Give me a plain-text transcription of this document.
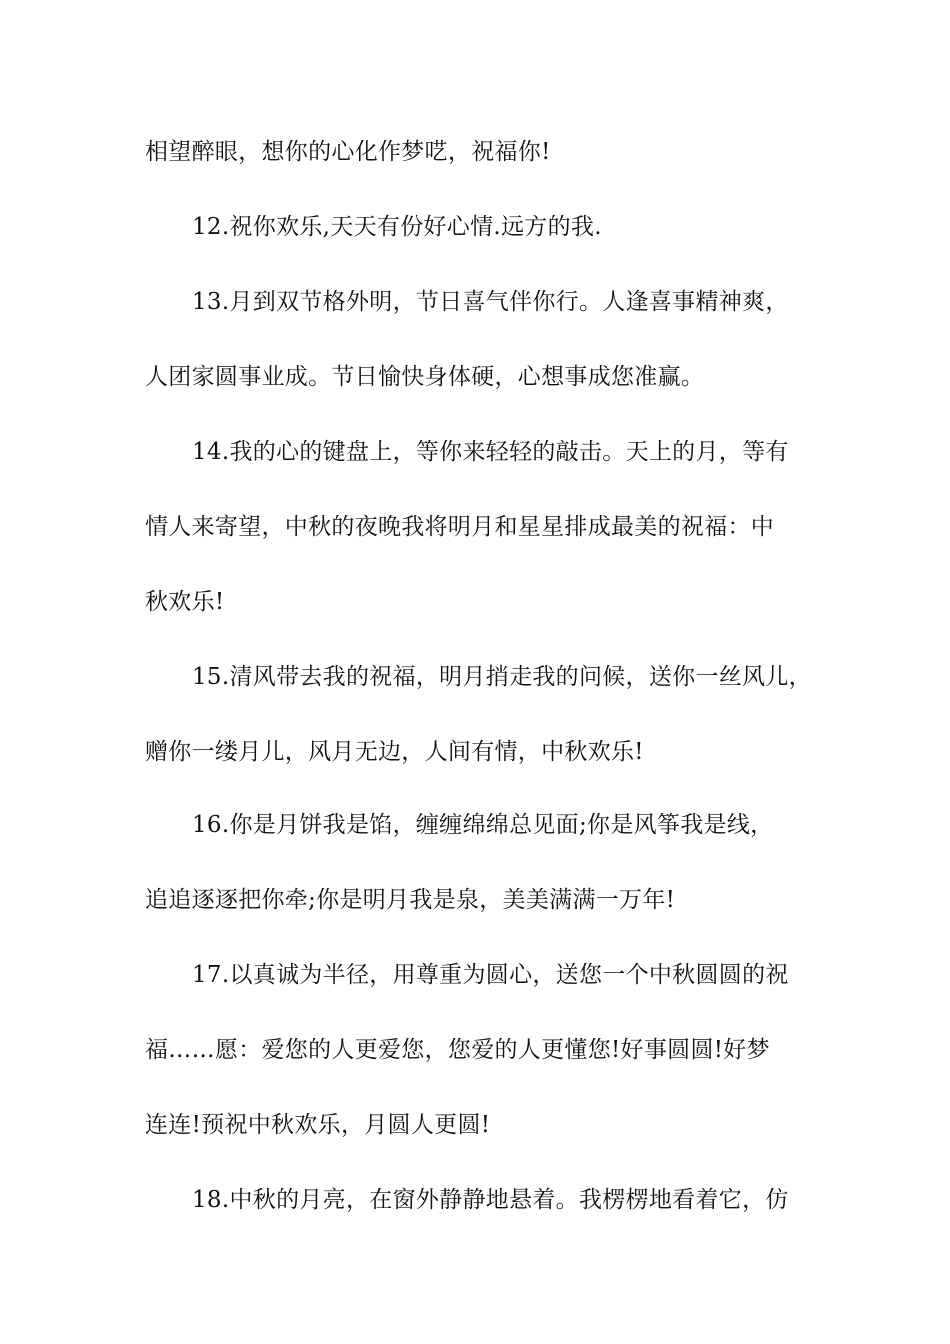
相望醉眼，想你的心化作梦呓，祝福你!
12.祝你欢乐,天天有份好心情.远方的我.
13.月到双节格外明，节日喜气伴你行。人逢喜事精神爽，
人团家圆事业成。节日愉快身体硬，心想事成您准赢。
14.我的心的键盘上，等你来轻轻的敲击。天上的月，等有
情人来寄望，中秋的夜晚我将明月和星星排成最美的祝福：中
秋欢乐!
15.清风带去我的祝福，明月捎走我的问候，送你一丝风儿，
赠你一缕月儿，风月无边，人间有情，中秋欢乐!
16.你是月饼我是馅，缠缠绵绵总见面;你是风筝我是线，
追追逐逐把你牵;你是明月我是泉，美美满满一万年!
17.以真诚为半径，用尊重为圆心，送您一个中秋圆圆的祝
福……愿：爱您的人更爱您，您爱的人更懂您!好事圆圆!好梦
连连!预祝中秋欢乐，月圆人更圆!
18.中秋的月亮，在窗外静静地悬着。我楞楞地看着它，仿
